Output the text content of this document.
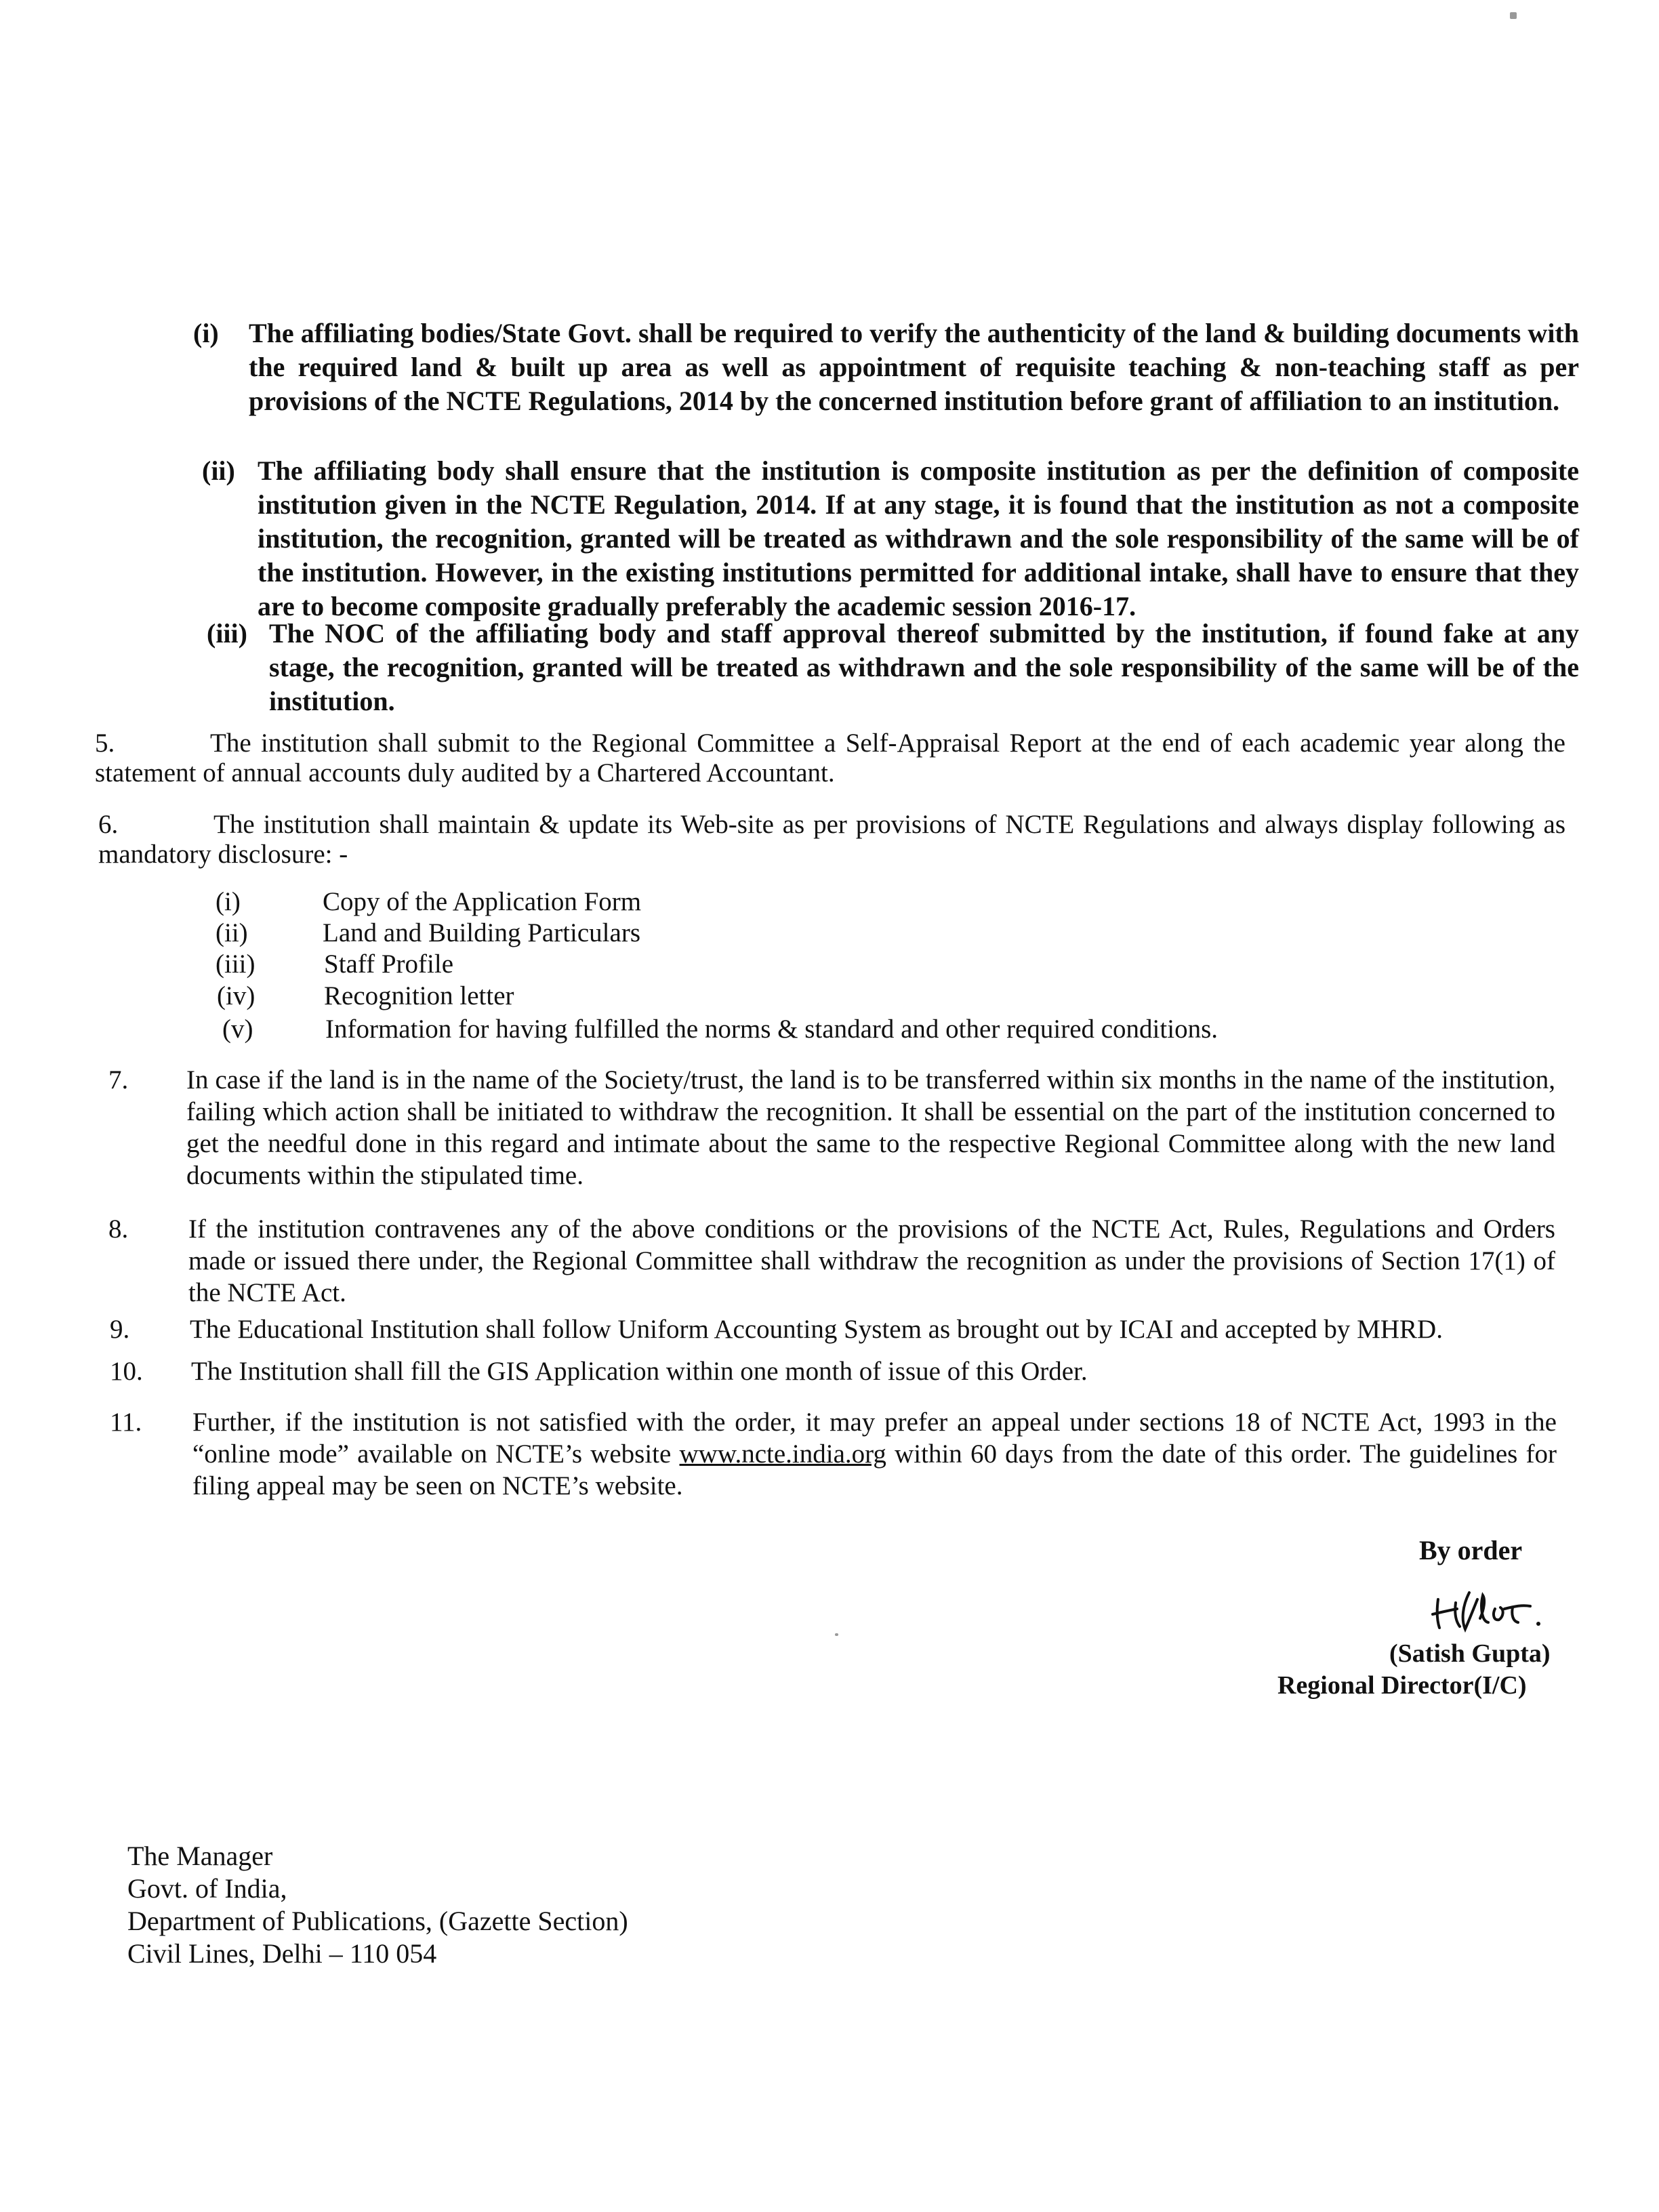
(i) The affiliating bodies/State Govt. shall be required to verify the authenticity of the land & building documents with the required land & built up area as well as appointment of requisite teaching & non-teaching staff as per provisions of the NCTE Regulations, 2014 by the concerned institution before grant of affiliation to an institution.
(ii) The affiliating body shall ensure that the institution is composite institution as per the definition of composite institution given in the NCTE Regulation, 2014. If at any stage, it is found that the institution as not a composite institution, the recognition, granted will be treated as withdrawn and the sole responsibility of the same will be of the institution. However, in the existing institutions permitted for additional intake, shall have to ensure that they are to become composite gradually preferably the academic session 2016-17.
(iii) The NOC of the affiliating body and staff approval thereof submitted by the institution, if found fake at any stage, the recognition, granted will be treated as withdrawn and the sole responsibility of the same will be of the institution.
5.	The institution shall submit to the Regional Committee a Self-Appraisal Report at the end of each academic year along the statement of annual accounts duly audited by a Chartered Accountant.
6.	The institution shall maintain & update its Web-site as per provisions of NCTE Regulations and always display following as mandatory disclosure: -
(i)	Copy of the Application Form
(ii)	Land and Building Particulars
(iii)	Staff Profile
(iv)	Recognition letter
(v)	Information for having fulfilled the norms & standard and other required conditions.
7. In case if the land is in the name of the Society/trust, the land is to be transferred within six months in the name of the institution, failing which action shall be initiated to withdraw the recognition. It shall be essential on the part of the institution concerned to get the needful done in this regard and intimate about the same to the respective Regional Committee along with the new land documents within the stipulated time.
8. If the institution contravenes any of the above conditions or the provisions of the NCTE Act, Rules, Regulations and Orders made or issued there under, the Regional Committee shall withdraw the recognition as under the provisions of Section 17(1) of the NCTE Act.
9. The Educational Institution shall follow Uniform Accounting System as brought out by ICAI and accepted by MHRD.
10. The Institution shall fill the GIS Application within one month of issue of this Order.
11. Further, if the institution is not satisfied with the order, it may prefer an appeal under sections 18 of NCTE Act, 1993 in the “online mode” available on NCTE’s website www.ncte.india.org within 60 days from the date of this order. The guidelines for filing appeal may be seen on NCTE’s website.
By order
(Satish Gupta)
Regional Director(I/C)
The Manager
Govt. of India,
Department of Publications, (Gazette Section)
Civil Lines, Delhi – 110 054
